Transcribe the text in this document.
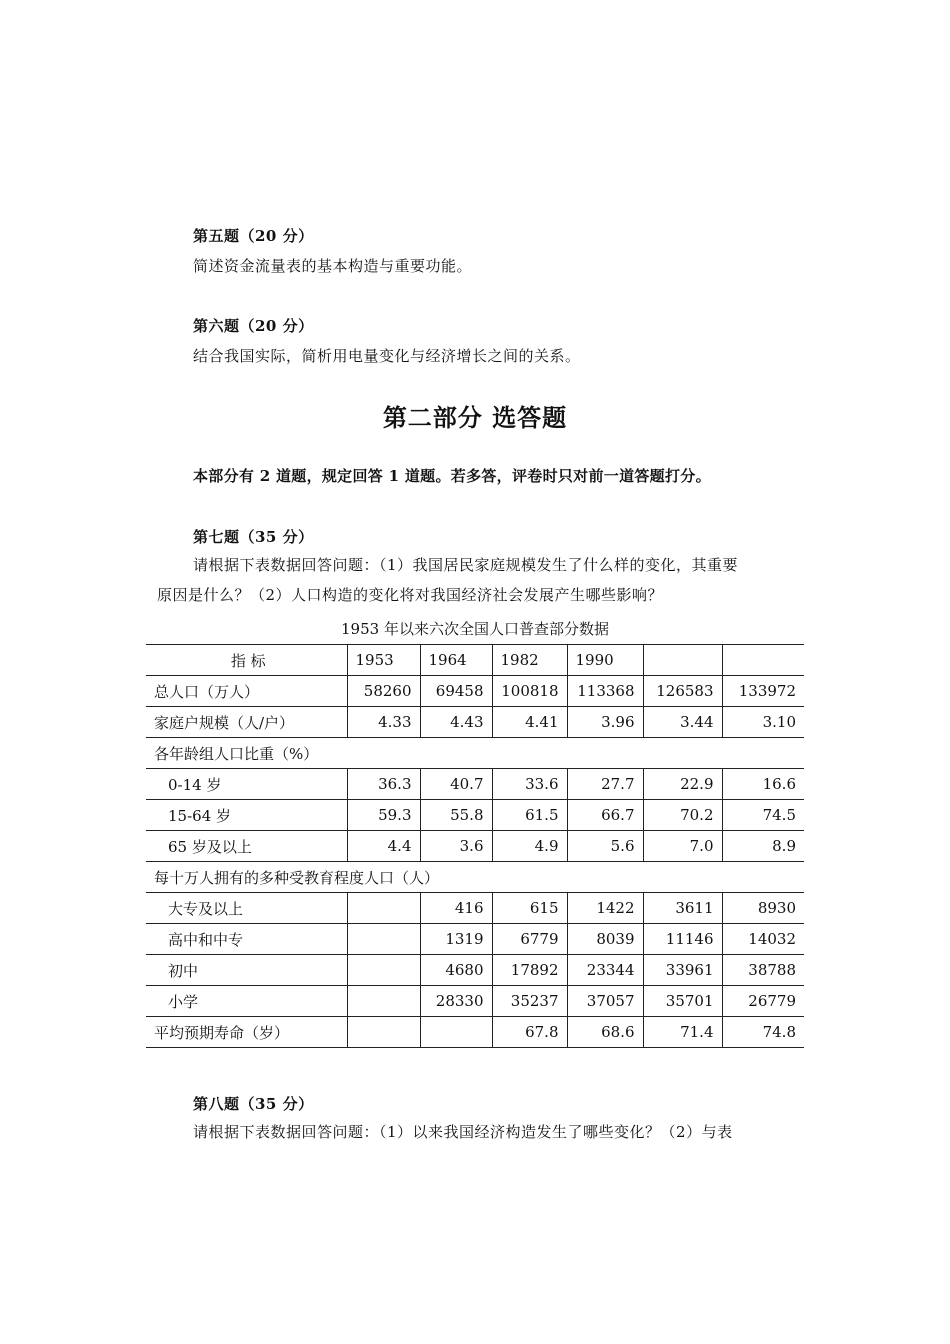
第五题（20 分）
简述资金流量表的基本构造与重要功能。
第六题（20 分）
结合我国实际，简析用电量变化与经济增长之间的关系。
第二部分 选答题
本部分有 2 道题，规定回答 1 道题。若多答，评卷时只对前一道答题打分。
第七题（35 分）
请根据下表数据回答问题：（1）我国居民家庭规模发生了什么样的变化，其重要
原因是什么？（2）人口构造的变化将对我国经济社会发展产生哪些影响？
1953 年以来六次全国人口普查部分数据
指 标	1953	1964	1982	1990		
总人口（万人）	58260	69458	100818	113368	126583	133972
家庭户规模（人/户）	4.33	4.43	4.41	3.96	3.44	3.10
各年龄组人口比重（%）						
0-14 岁	36.3	40.7	33.6	27.7	22.9	16.6
15-64 岁	59.3	55.8	61.5	66.7	70.2	74.5
65 岁及以上	4.4	3.6	4.9	5.6	7.0	8.9
每十万人拥有的多种受教育程度人口（人）						
大专及以上		416	615	1422	3611	8930
高中和中专		1319	6779	8039	11146	14032
初中		4680	17892	23344	33961	38788
小学		28330	35237	37057	35701	26779
平均预期寿命（岁）			67.8	68.6	71.4	74.8
第八题（35 分）
请根据下表数据回答问题：（1）以来我国经济构造发生了哪些变化？（2）与表
